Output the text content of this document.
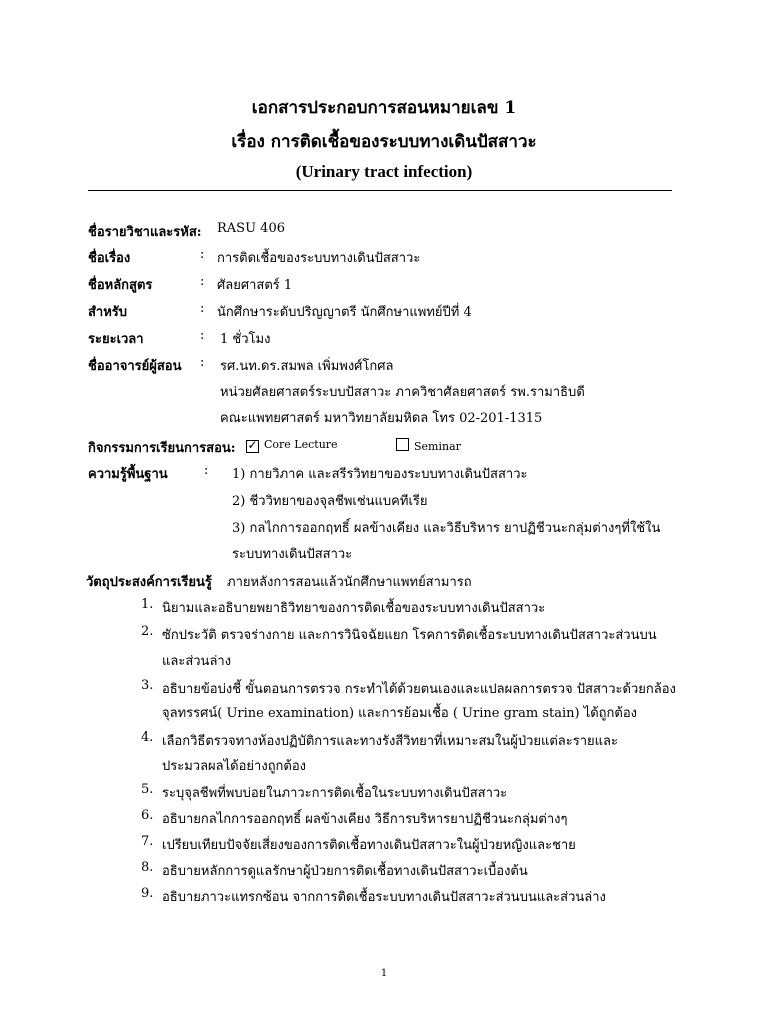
เอกสารประกอบการสอนหมายเลข 1
เรื่อง การติดเชื้อของระบบทางเดินปัสสาวะ
(Urinary tract infection)
ชื่อรายวิชาและรหัส: RASU 406
ชื่อเรื่อง	: การติดเชื้อของระบบทางเดินปัสสาวะ
ชื่อหลักสูตร	: ศัลยศาสตร์ 1
สำหรับ	: นักศึกษาระดับปริญญาตรี นักศึกษาแพทย์ปีที่ 4
ระยะเวลา	: 1 ชั่วโมง
ชื่ออาจารย์ผู้สอน : รศ.นท.ดร.สมพล เพิ่มพงศ์โกศล
หน่วยศัลยศาสตร์ระบบปัสสาวะ ภาควิชาศัลยศาสตร์ รพ.รามาธิบดี
คณะแพทยศาสตร์ มหาวิทยาลัยมหิดล โทร 02-201-1315
กิจกรรมการเรียนการสอน: ✓ Core Lecture	Seminar
ความรู้พื้นฐาน	: 1) กายวิภาค และสรีรวิทยาของระบบทางเดินปัสสาวะ
2) ชีววิทยาของจุลชีพเช่นแบคทีเรีย
3) กลไกการออกฤทธิ์ ผลข้างเคียง และวิธีบริหาร ยาปฏิชีวนะกลุ่มต่างๆที่ใช้ใน
ระบบทางเดินปัสสาวะ
วัตถุประสงค์การเรียนรู้ ภายหลังการสอนแล้วนักศึกษาแพทย์สามารถ
1. นิยามและอธิบายพยาธิวิทยาของการติดเชื้อของระบบทางเดินปัสสาวะ
2. ซักประวัติ ตรวจร่างกาย และการวินิจฉัยแยก โรคการติดเชื้อระบบทางเดินปัสสาวะส่วนบน
และส่วนล่าง
3. อธิบายข้อบ่งชี้ ขั้นตอนการตรวจ กระทำได้ด้วยตนเองและแปลผลการตรวจ ปัสสาวะด้วยกล้อง
จุลทรรศน์( Urine examination) และการย้อมเชื้อ ( Urine gram stain) ได้ถูกต้อง
4. เลือกวิธีตรวจทางห้องปฏิบัติการและทางรังสีวิทยาที่เหมาะสมในผู้ป่วยแต่ละรายและ
ประมวลผลได้อย่างถูกต้อง
5. ระบุจุลชีพที่พบบ่อยในภาวะการติดเชื้อในระบบทางเดินปัสสาวะ
6. อธิบายกลไกการออกฤทธิ์ ผลข้างเคียง วิธีการบริหารยาปฏิชีวนะกลุ่มต่างๆ
7. เปรียบเทียบปัจจัยเสี่ยงของการติดเชื้อทางเดินปัสสาวะในผู้ป่วยหญิงและชาย
8. อธิบายหลักการดูแลรักษาผู้ป่วยการติดเชื้อทางเดินปัสสาวะเบื้องต้น
9. อธิบายภาวะแทรกซ้อน จากการติดเชื้อระบบทางเดินปัสสาวะส่วนบนและส่วนล่าง
1
